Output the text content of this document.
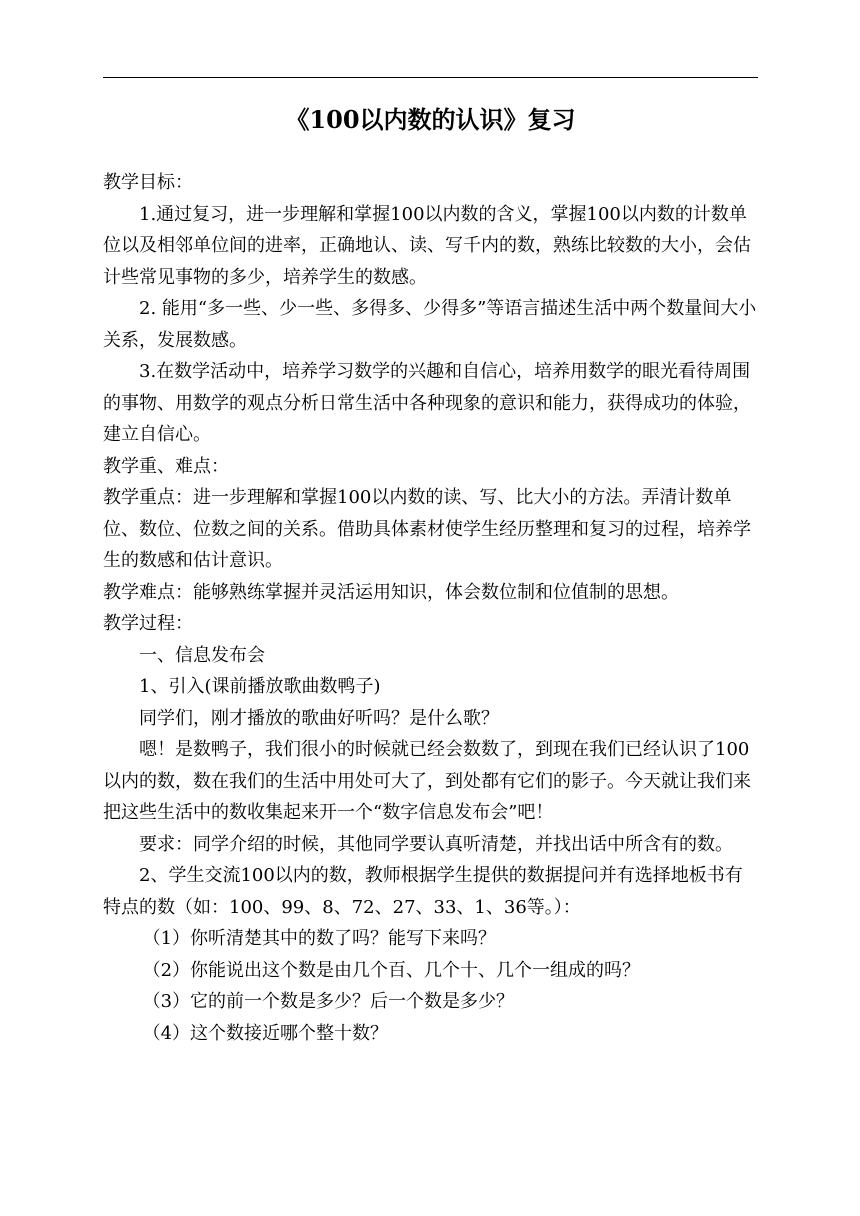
《100以内数的认识》复习

教学目标：

1.通过复习，进一步理解和掌握100以内数的含义，掌握100以内数的计数单位以及相邻单位间的进率，正确地认、读、写千内的数，熟练比较数的大小，会估计些常见事物的多少，培养学生的数感。

2. 能用“多一些、少一些、多得多、少得多”等语言描述生活中两个数量间大小关系，发展数感。

3.在数学活动中，培养学习数学的兴趣和自信心，培养用数学的眼光看待周围的事物、用数学的观点分析日常生活中各种现象的意识和能力，获得成功的体验，建立自信心。

教学重、难点：

教学重点：进一步理解和掌握100以内数的读、写、比大小的方法。弄清计数单位、数位、位数之间的关系。借助具体素材使学生经历整理和复习的过程，培养学生的数感和估计意识。

教学难点：能够熟练掌握并灵活运用知识，体会数位制和位值制的思想。

教学过程：

一、信息发布会

1、引入(课前播放歌曲数鸭子)

同学们，刚才播放的歌曲好听吗？是什么歌？

嗯！是数鸭子，我们很小的时候就已经会数数了，到现在我们已经认识了100以内的数，数在我们的生活中用处可大了，到处都有它们的影子。今天就让我们来把这些生活中的数收集起来开一个“数字信息发布会”吧！

要求：同学介绍的时候，其他同学要认真听清楚，并找出话中所含有的数。

2、学生交流100以内的数，教师根据学生提供的数据提问并有选择地板书有特点的数（如：100、99、8、72、27、33、1、36等。）：

（1）你听清楚其中的数了吗？能写下来吗？

（2）你能说出这个数是由几个百、几个十、几个一组成的吗？

（3）它的前一个数是多少？后一个数是多少？

（4）这个数接近哪个整十数？
